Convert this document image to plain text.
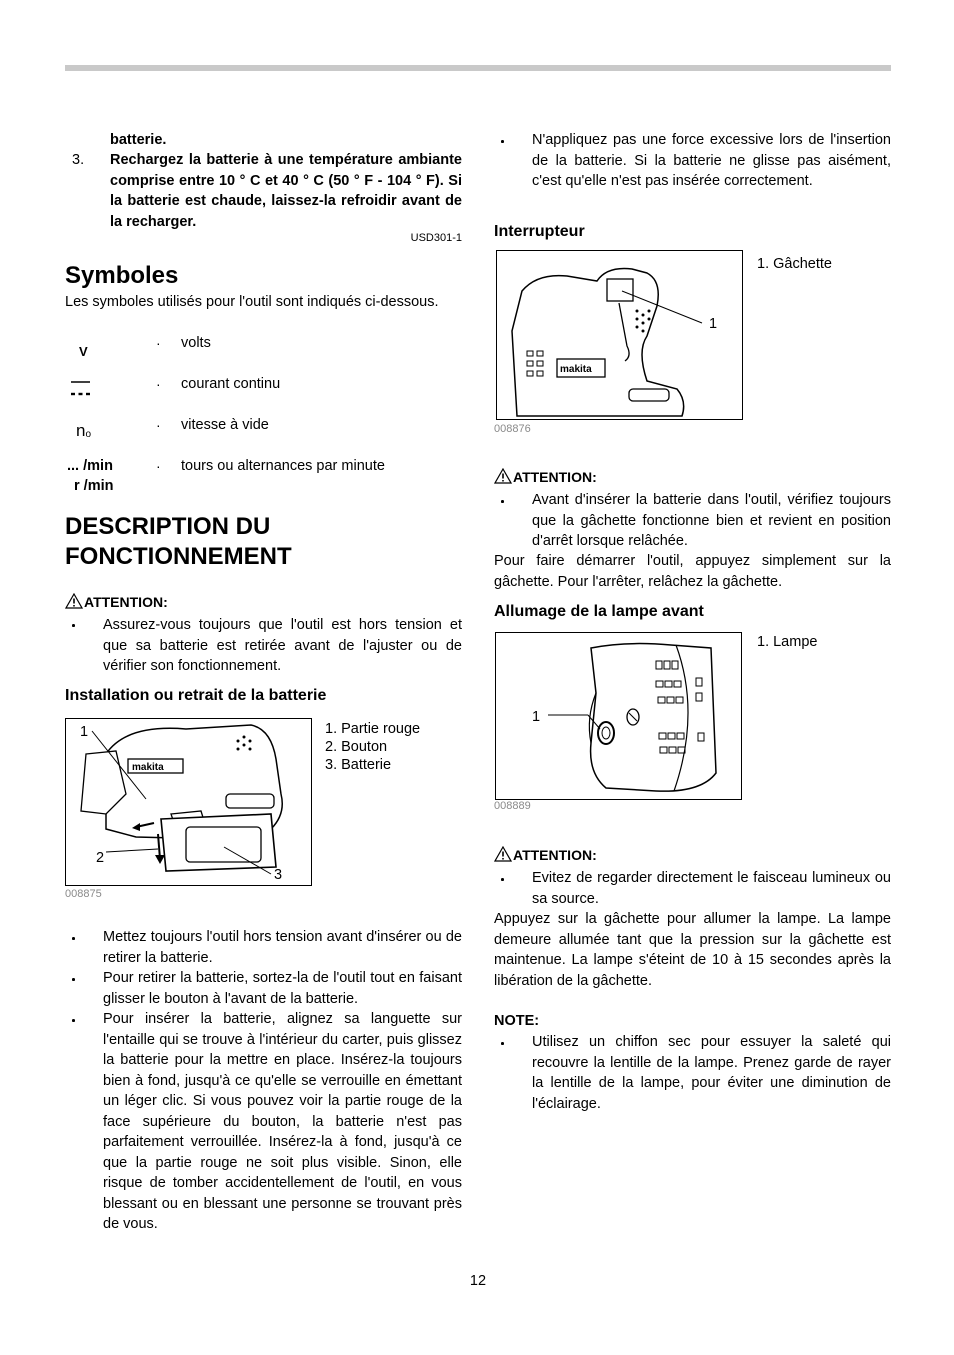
batterie.
3. Rechargez la batterie à une température ambiante comprise entre 10 ° C et 40 ° C (50 ° F - 104 ° F). Si la batterie est chaude, laissez-la refroidir avant de la recharger.
USD301-1
Symboles
Les symboles utilisés pour l'outil sont indiqués ci-dessous.
V
· volts
· courant continu
no
· vitesse à vide
... /min
r /min
· tours ou alternances par minute
DESCRIPTION DU
FONCTIONNEMENT
ATTENTION:
Assurez-vous toujours que l'outil est hors tension et que sa batterie est retirée avant de l'ajuster ou de vérifier son fonctionnement.
Installation ou retrait de la batterie
makita
1
2
3
1. Partie rouge
2. Bouton
3. Batterie
008875
Mettez toujours l'outil hors tension avant d'insérer ou de retirer la batterie.
Pour retirer la batterie, sortez-la de l'outil tout en faisant glisser le bouton à l'avant de la batterie.
Pour insérer la batterie, alignez sa languette sur l'entaille qui se trouve à l'intérieur du carter, puis glissez la batterie pour la mettre en place. Insérez-la toujours bien à fond, jusqu'à ce qu'elle se verrouille en émettant un léger clic. Si vous pouvez voir la partie rouge de la face supérieure du bouton, la batterie n'est pas parfaitement verrouillée. Insérez-la à fond, jusqu'à ce que la partie rouge ne soit plus visible. Sinon, elle risque de tomber accidentellement de l'outil, en vous blessant ou en blessant une personne se trouvant près de vous.
N'appliquez pas une force excessive lors de l'insertion de la batterie. Si la batterie ne glisse pas aisément, c'est qu'elle n'est pas insérée correctement.
Interrupteur
makita
1
1. Gâchette
008876
ATTENTION:
Avant d'insérer la batterie dans l'outil, vérifiez toujours que la gâchette fonctionne bien et revient en position d'arrêt lorsque relâchée.
Pour faire démarrer l'outil, appuyez simplement sur la gâchette. Pour l'arrêter, relâchez la gâchette.
Allumage de la lampe avant
1
1. Lampe
008889
ATTENTION:
Evitez de regarder directement le faisceau lumineux ou sa source.
Appuyez sur la gâchette pour allumer la lampe. La lampe demeure allumée tant que la pression sur la gâchette est maintenue. La lampe s'éteint de 10 à 15 secondes après la libération de la gâchette.
NOTE:
Utilisez un chiffon sec pour essuyer la saleté qui recouvre la lentille de la lampe. Prenez garde de rayer la lentille de la lampe, pour éviter une diminution de l'éclairage.
12
